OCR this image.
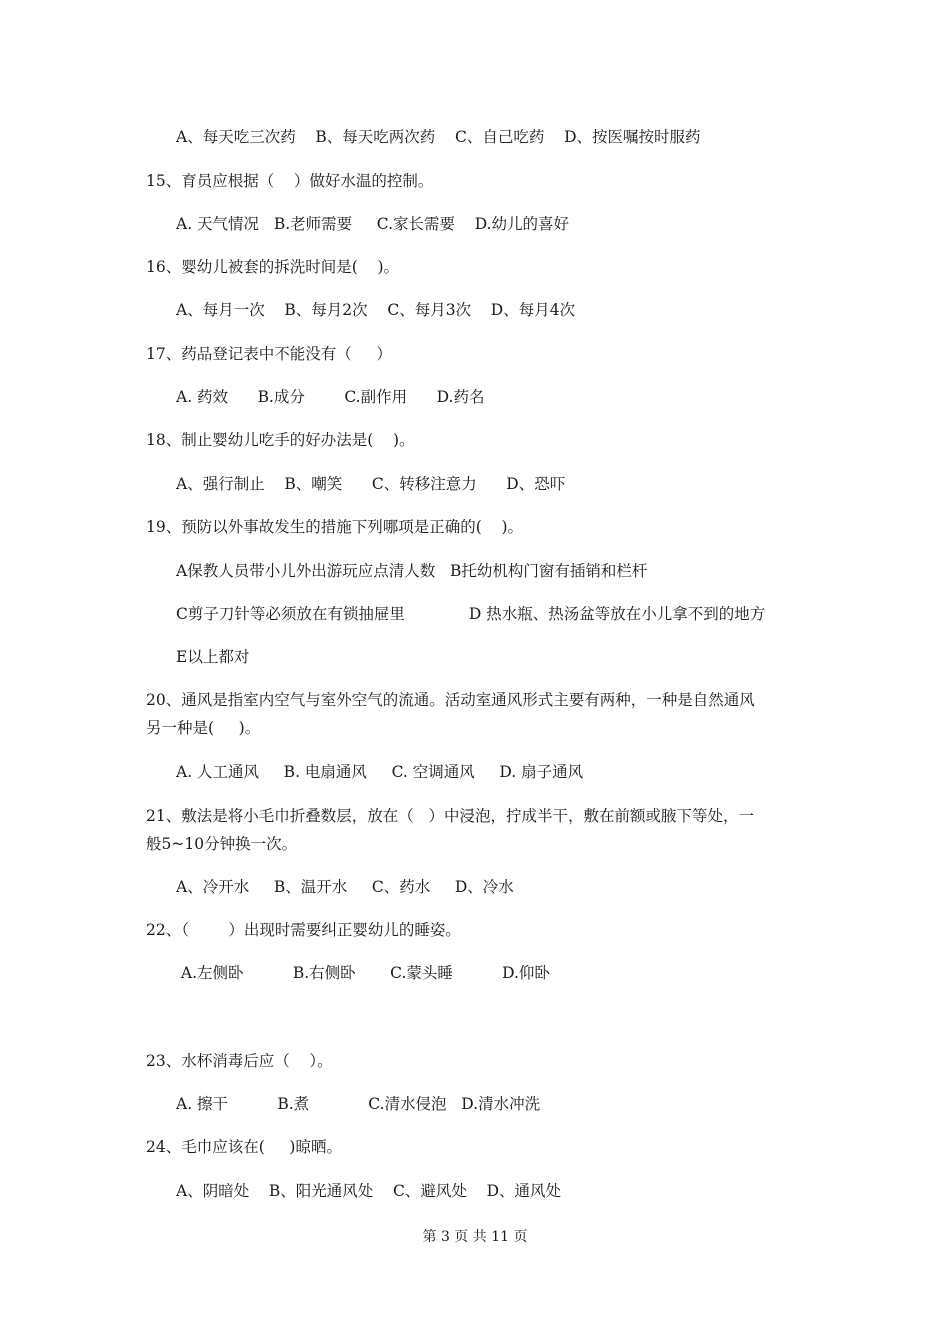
A、每天吃三次药    B、每天吃两次药    C、自己吃药    D、按医嘱按时服药
15、育员应根据（    ）做好水温的控制。
A. 天气情况   B.老师需要     C.家长需要    D.幼儿的喜好
16、婴幼儿被套的拆洗时间是(    )。
A、每月一次    B、每月2次    C、每月3次    D、每月4次
17、药品登记表中不能没有（     ）
A. 药效      B.成分        C.副作用      D.药名
18、制止婴幼儿吃手的好办法是(    )。
A、强行制止    B、嘲笑      C、转移注意力      D、恐吓
19、预防以外事故发生的措施下列哪项是正确的(    )。
A保教人员带小儿外出游玩应点清人数   B托幼机构门窗有插销和栏杆
C剪子刀针等必须放在有锁抽屉里             D 热水瓶、热汤盆等放在小儿拿不到的地方
E以上都对
20、通风是指室内空气与室外空气的流通。活动室通风形式主要有两种，一种是自然通风
另一种是(     )。
A. 人工通风     B. 电扇通风     C. 空调通风     D. 扇子通风
21、敷法是将小毛巾折叠数层，放在（   ）中浸泡，拧成半干，敷在前额或腋下等处，一
般5~10分钟换一次。
A、冷开水     B、温开水     C、药水     D、冷水
22、（        ）出现时需要纠正婴幼儿的睡姿。
A.左侧卧          B.右侧卧       C.蒙头睡          D.仰卧
23、水杯消毒后应（    ）。
A. 擦干          B.煮            C.清水侵泡   D.清水冲洗
24、毛巾应该在(     )晾晒。
A、阴暗处    B、阳光通风处    C、避风处    D、通风处
第 3 页 共 11 页
